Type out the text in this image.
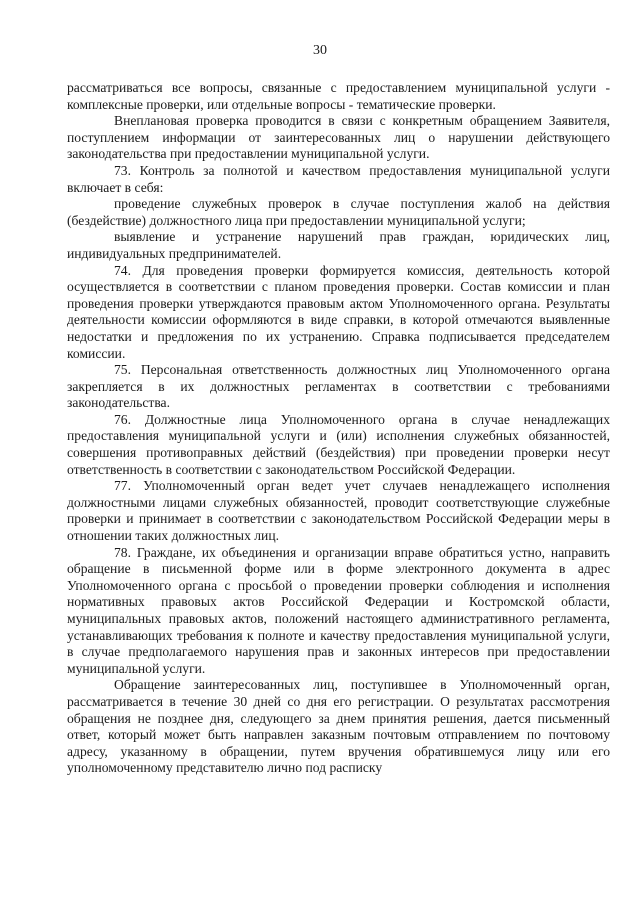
30

рассматриваться все вопросы, связанные с предоставлением муниципальной услуги - комплексные проверки, или отдельные вопросы - тематические проверки.

Внеплановая проверка проводится в связи с конкретным обращением Заявителя, поступлением информации от заинтересованных лиц о нарушении действующего законодательства при предоставлении муниципальной услуги.

73. Контроль за полнотой и качеством предоставления муниципальной услуги включает в себя:

проведение служебных проверок в случае поступления жалоб на действия (бездействие) должностного лица при предоставлении муниципальной услуги;

выявление и устранение нарушений прав граждан, юридических лиц, индивидуальных предпринимателей.

74. Для проведения проверки формируется комиссия, деятельность которой осуществляется в соответствии с планом проведения проверки. Состав комиссии и план проведения проверки утверждаются правовым актом Уполномоченного органа. Результаты деятельности комиссии оформляются в виде справки, в которой отмечаются выявленные недостатки и предложения по их устранению. Справка подписывается председателем комиссии.

75. Персональная ответственность должностных лиц Уполномоченного органа закрепляется в их должностных регламентах в соответствии с требованиями законодательства.

76. Должностные лица Уполномоченного органа в случае ненадлежащих предоставления муниципальной услуги и (или) исполнения служебных обязанностей, совершения противоправных действий (бездействия) при проведении проверки несут ответственность в соответствии с законодательством Российской Федерации.

77. Уполномоченный орган ведет учет случаев ненадлежащего исполнения должностными лицами служебных обязанностей, проводит соответствующие служебные проверки и принимает в соответствии с законодательством Российской Федерации меры в отношении таких должностных лиц.

78. Граждане, их объединения и организации вправе обратиться устно, направить обращение в письменной форме или в форме электронного документа в адрес Уполномоченного органа с просьбой о проведении проверки соблюдения и исполнения нормативных правовых актов Российской Федерации и Костромской области, муниципальных правовых актов, положений настоящего административного регламента, устанавливающих требования к полноте и качеству предоставления муниципальной услуги, в случае предполагаемого нарушения прав и законных интересов при предоставлении муниципальной услуги.

Обращение заинтересованных лиц, поступившее в Уполномоченный орган, рассматривается в течение 30 дней со дня его регистрации. О результатах рассмотрения обращения не позднее дня, следующего за днем принятия решения, дается письменный ответ, который может быть направлен заказным почтовым отправлением по почтовому адресу, указанному в обращении, путем вручения обратившемуся лицу или его уполномоченному представителю лично под расписку
